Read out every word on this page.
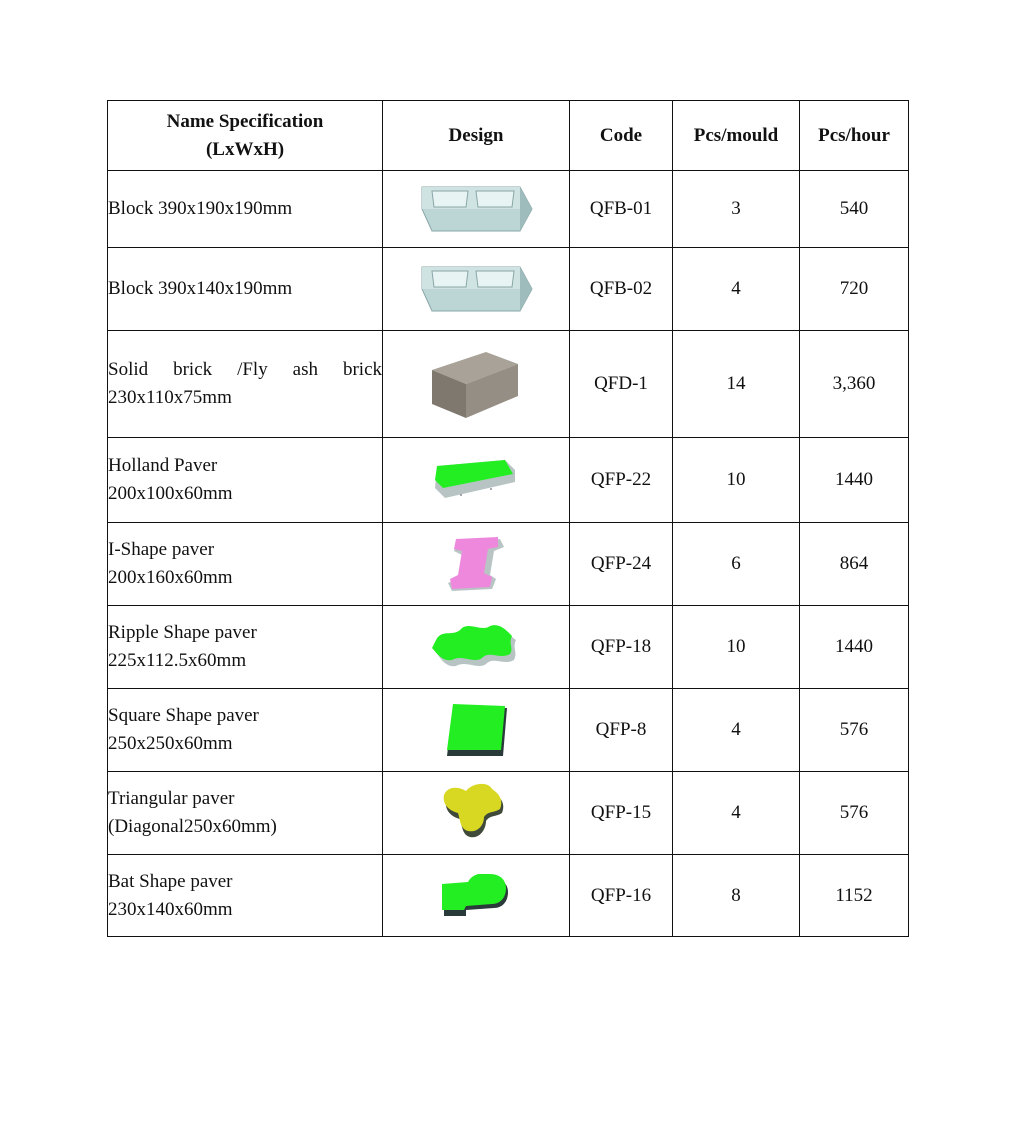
Name Specification
(LxWxH)	Design	Code	Pcs/mould	Pcs/hour

Block 390x190x190mm		QFB-01	3	540

Block 390x140x190mm		QFB-02	4	720

Solid brick /Fly ash brick
230x110x75mm		QFD-1	14	3,360

Holland Paver
200x100x60mm		QFP-22	10	1440

I-Shape paver
200x160x60mm		QFP-24	6	864

Ripple Shape paver
225x112.5x60mm		QFP-18	10	1440

Square Shape paver
250x250x60mm		QFP-8	4	576

Triangular paver
(Diagonal250x60mm)		QFP-15	4	576

Bat Shape paver
230x140x60mm		QFP-16	8	1152
